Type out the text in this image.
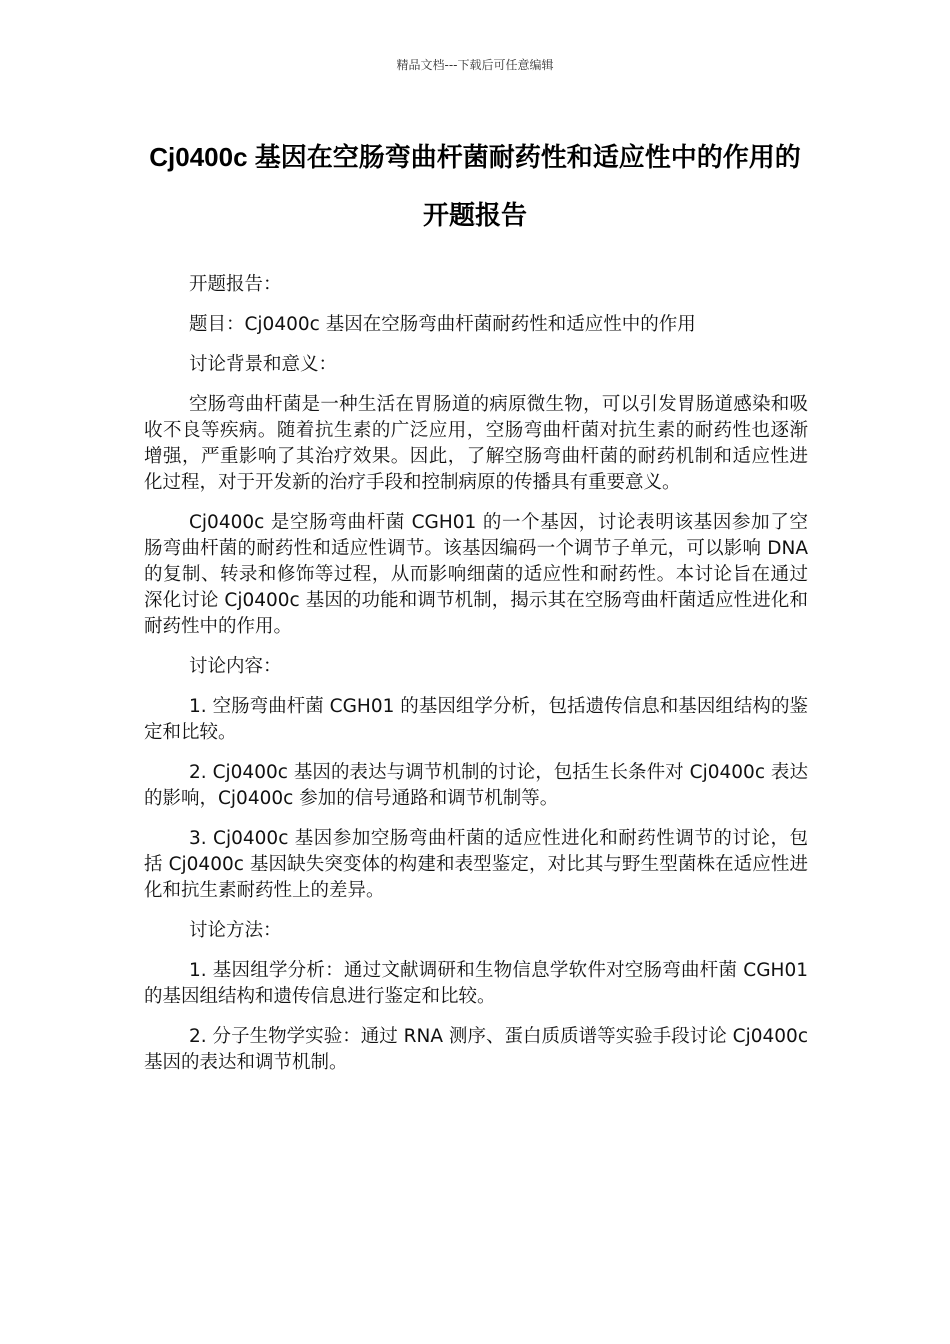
精品文档---下载后可任意编辑
Cj0400c 基因在空肠弯曲杆菌耐药性和适应性中的作用的开题报告

开题报告：

题目：Cj0400c 基因在空肠弯曲杆菌耐药性和适应性中的作用

讨论背景和意义：

空肠弯曲杆菌是一种生活在胃肠道的病原微生物，可以引发胃肠道感染和吸收不良等疾病。随着抗生素的广泛应用，空肠弯曲杆菌对抗生素的耐药性也逐渐增强，严重影响了其治疗效果。因此，了解空肠弯曲杆菌的耐药机制和适应性进化过程，对于开发新的治疗手段和控制病原的传播具有重要意义。

Cj0400c 是空肠弯曲杆菌 CGH01 的一个基因，讨论表明该基因参加了空肠弯曲杆菌的耐药性和适应性调节。该基因编码一个调节子单元，可以影响 DNA 的复制、转录和修饰等过程，从而影响细菌的适应性和耐药性。本讨论旨在通过深化讨论 Cj0400c 基因的功能和调节机制，揭示其在空肠弯曲杆菌适应性进化和耐药性中的作用。

讨论内容：

1. 空肠弯曲杆菌 CGH01 的基因组学分析，包括遗传信息和基因组结构的鉴定和比较。

2. Cj0400c 基因的表达与调节机制的讨论，包括生长条件对 Cj0400c 表达的影响，Cj0400c 参加的信号通路和调节机制等。

3. Cj0400c 基因参加空肠弯曲杆菌的适应性进化和耐药性调节的讨论，包括 Cj0400c 基因缺失突变体的构建和表型鉴定，对比其与野生型菌株在适应性进化和抗生素耐药性上的差异。

讨论方法：

1. 基因组学分析：通过文献调研和生物信息学软件对空肠弯曲杆菌 CGH01 的基因组结构和遗传信息进行鉴定和比较。

2. 分子生物学实验：通过 RNA 测序、蛋白质质谱等实验手段讨论 Cj0400c 基因的表达和调节机制。
